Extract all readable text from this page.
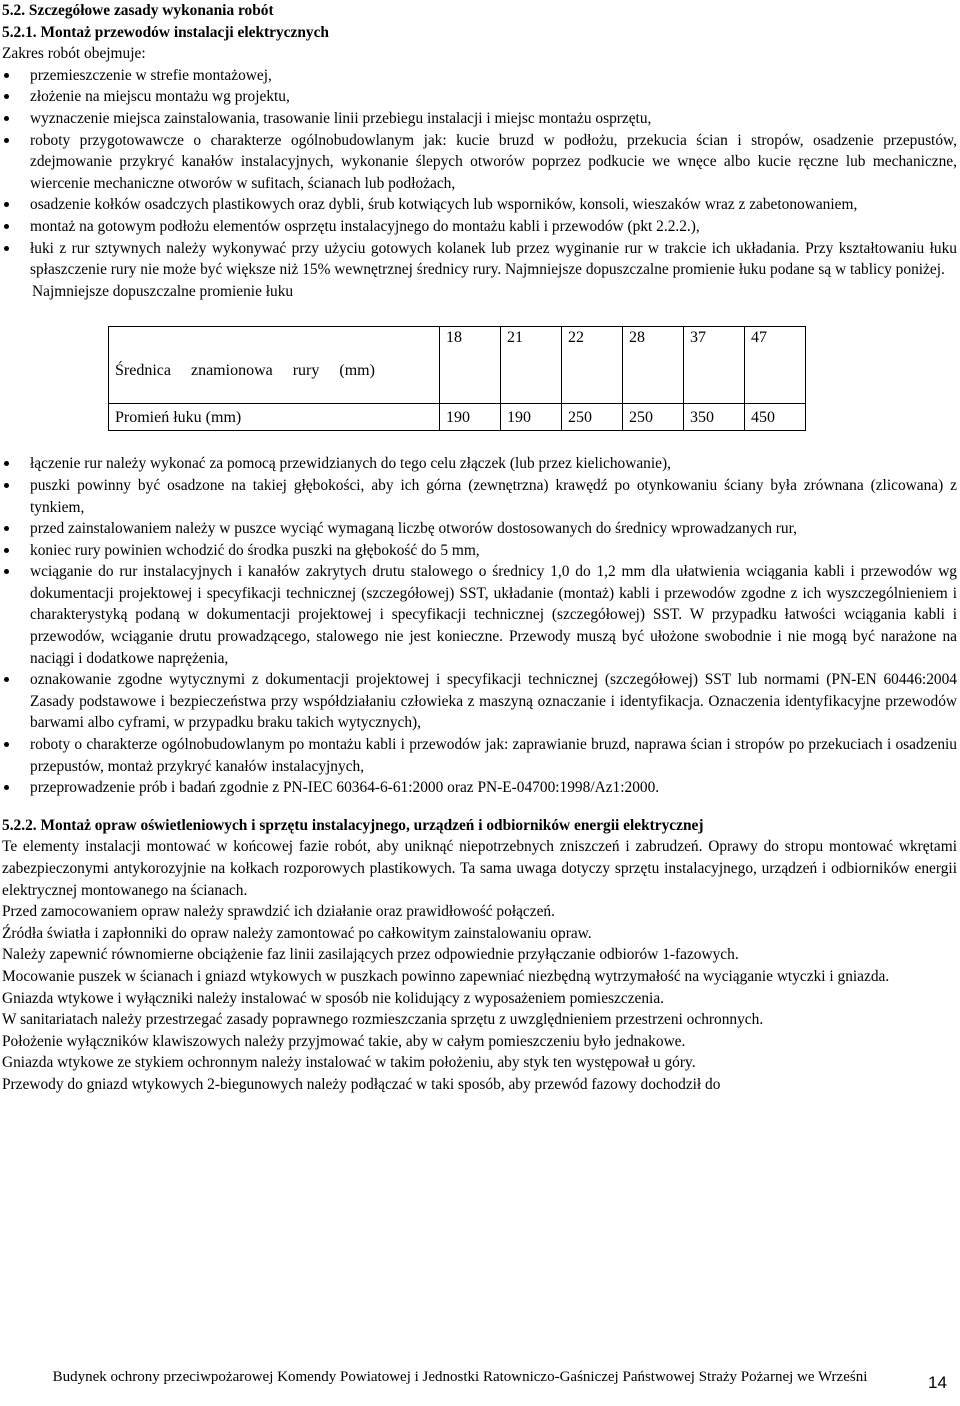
5.2. Szczegółowe zasady wykonania robót
5.2.1. Montaż przewodów instalacji elektrycznych

Zakres robót obejmuje:

przemieszczenie w strefie montażowej,
złożenie na miejscu montażu wg projektu,
wyznaczenie miejsca zainstalowania, trasowanie linii przebiegu instalacji i miejsc montażu osprzętu,
roboty przygotowawcze o charakterze ogólnobudowlanym jak: kucie bruzd w podłożu, przekucia ścian i stropów, osadzenie przepustów, zdejmowanie przykryć kanałów instalacyjnych, wykonanie ślepych otworów poprzez podkucie we wnęce albo kucie ręczne lub mechaniczne, wiercenie mechaniczne otworów w sufitach, ścianach lub podłożach,
osadzenie kołków osadczych plastikowych oraz dybli, śrub kotwiących lub wsporników, konsoli, wieszaków wraz z zabetonowaniem,
montaż na gotowym podłożu elementów osprzętu instalacyjnego do montażu kabli i przewodów (pkt 2.2.2.),
łuki z rur sztywnych należy wykonywać przy użyciu gotowych kolanek lub przez wyginanie rur w trakcie ich układania. Przy kształtowaniu łuku spłaszczenie rury nie może być większe niż 15% wewnętrznej średnicy rury. Najmniejsze dopuszczalne promienie łuku podane są w tablicy poniżej.

Najmniejsze dopuszczalne promienie łuku

Średnica znamionowa rury (mm)	18	21	22	28	37	47
Promień łuku (mm)	190	190	250	250	350	450
łączenie rur należy wykonać za pomocą przewidzianych do tego celu złączek (lub przez kielichowanie),
puszki powinny być osadzone na takiej głębokości, aby ich górna (zewnętrzna) krawędź po otynkowaniu ściany była zrównana (zlicowana) z tynkiem,
przed zainstalowaniem należy w puszce wyciąć wymaganą liczbę otworów dostosowanych do średnicy wprowadzanych rur,
koniec rury powinien wchodzić do środka puszki na głębokość do 5 mm,
wciąganie do rur instalacyjnych i kanałów zakrytych drutu stalowego o średnicy 1,0 do 1,2 mm dla ułatwienia wciągania kabli i przewodów wg dokumentacji projektowej i specyfikacji technicznej (szczegółowej) SST, układanie (montaż) kabli i przewodów zgodne z ich wyszczególnieniem i charakterystyką podaną w dokumentacji projektowej i specyfikacji technicznej (szczegółowej) SST. W przypadku łatwości wciągania kabli i przewodów, wciąganie drutu prowadzącego, stalowego nie jest konieczne. Przewody muszą być ułożone swobodnie i nie mogą być narażone na naciągi i dodatkowe naprężenia,
oznakowanie zgodne wytycznymi z dokumentacji projektowej i specyfikacji technicznej (szczegółowej) SST lub normami (PN-EN 60446:2004 Zasady podstawowe i bezpieczeństwa przy współdziałaniu człowieka z maszyną oznaczanie i identyfikacja. Oznaczenia identyfikacyjne przewodów barwami albo cyframi, w przypadku braku takich wytycznych),
roboty o charakterze ogólnobudowlanym po montażu kabli i przewodów jak: zaprawianie bruzd, naprawa ścian i stropów po przekuciach i osadzeniu przepustów, montaż przykryć kanałów instalacyjnych,
przeprowadzenie prób i badań zgodnie z PN-IEC 60364-6-61:2000 oraz PN-E-04700:1998/Az1:2000.

5.2.2. Montaż opraw oświetleniowych i sprzętu instalacyjnego, urządzeń i odbiorników energii elektrycznej

Te elementy instalacji montować w końcowej fazie robót, aby uniknąć niepotrzebnych zniszczeń i zabrudzeń. Oprawy do stropu montować wkrętami zabezpieczonymi antykorozyjnie na kołkach rozporowych plastikowych. Ta sama uwaga dotyczy sprzętu instalacyjnego, urządzeń i odbiorników energii elektrycznej montowanego na ścianach.

Przed zamocowaniem opraw należy sprawdzić ich działanie oraz prawidłowość połączeń.

Źródła światła i zapłonniki do opraw należy zamontować po całkowitym zainstalowaniu opraw.

Należy zapewnić równomierne obciążenie faz linii zasilających przez odpowiednie przyłączanie odbiorów 1-fazowych.

Mocowanie puszek w ścianach i gniazd wtykowych w puszkach powinno zapewniać niezbędną wytrzymałość na wyciąganie wtyczki i gniazda.

Gniazda wtykowe i wyłączniki należy instalować w sposób nie kolidujący z wyposażeniem pomieszczenia.

W sanitariatach należy przestrzegać zasady poprawnego rozmieszczania sprzętu z uwzględnieniem przestrzeni ochronnych.

Położenie wyłączników klawiszowych należy przyjmować takie, aby w całym pomieszczeniu było jednakowe.

Gniazda wtykowe ze stykiem ochronnym należy instalować w takim położeniu, aby styk ten występował u góry.

Przewody do gniazd wtykowych 2-biegunowych należy podłączać w taki sposób, aby przewód fazowy dochodził do

Budynek ochrony przeciwpożarowej Komendy Powiatowej i Jednostki Ratowniczo-Gaśniczej Państwowej Straży Pożarnej we Wrześni	14
